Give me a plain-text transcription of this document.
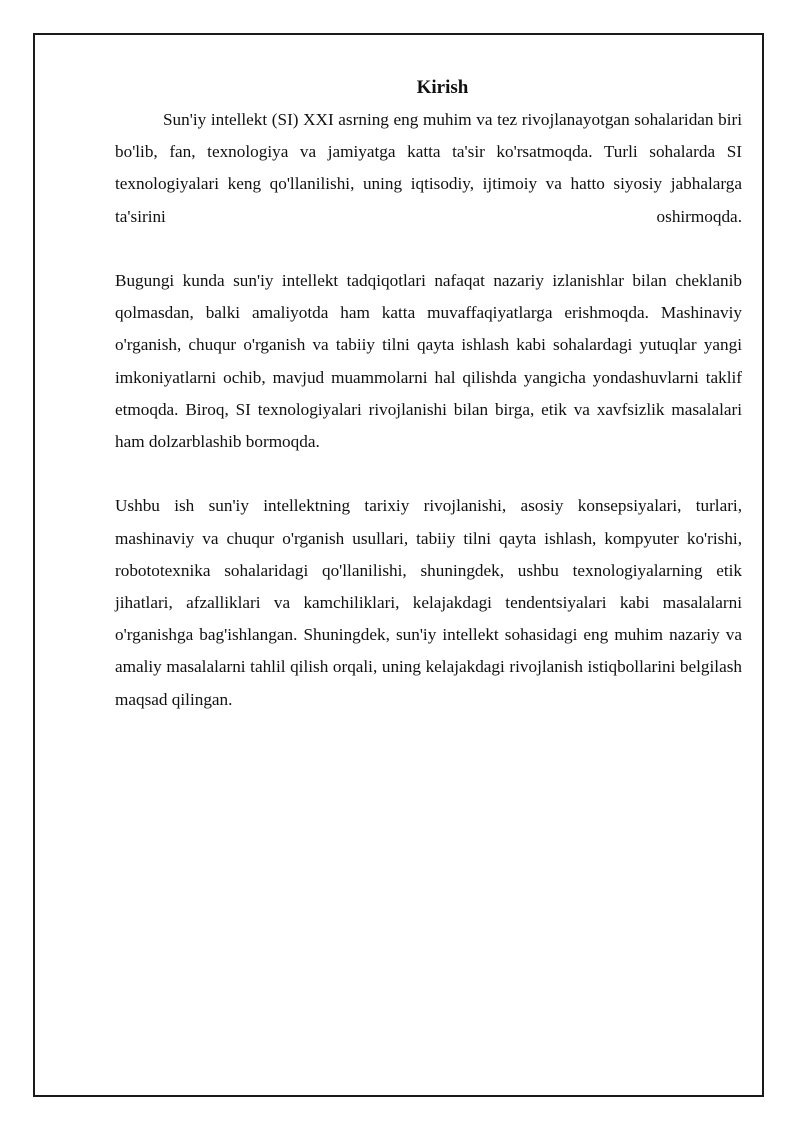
Kirish

Sun'iy intellekt (SI) XXI asrning eng muhim va tez rivojlanayotgan sohalaridan biri bo'lib, fan, texnologiya va jamiyatga katta ta'sir ko'rsatmoqda. Turli sohalarda SI texnologiyalari keng qo'llanilishi, uning iqtisodiy, ijtimoiy va hatto siyosiy jabhalarga ta'sirini oshirmoqda.

Bugungi kunda sun'iy intellekt tadqiqotlari nafaqat nazariy izlanishlar bilan cheklanib qolmasdan, balki amaliyotda ham katta muvaffaqiyatlarga erishmoqda. Mashinaviy o'rganish, chuqur o'rganish va tabiiy tilni qayta ishlash kabi sohalardagi yutuqlar yangi imkoniyatlarni ochib, mavjud muammolarni hal qilishda yangicha yondashuvlarni taklif etmoqda. Biroq, SI texnologiyalari rivojlanishi bilan birga, etik va xavfsizlik masalalari ham dolzarblashib bormoqda.

Ushbu ish sun'iy intellektning tarixiy rivojlanishi, asosiy konsepsiyalari, turlari, mashinaviy va chuqur o'rganish usullari, tabiiy tilni qayta ishlash, kompyuter ko'rishi, robototexnika sohalaridagi qo'llanilishi, shuningdek, ushbu texnologiyalarning etik jihatlari, afzalliklari va kamchiliklari, kelajakdagi tendentsiyalari kabi masalalarni o'rganishga bag'ishlangan. Shuningdek, sun'iy intellekt sohasidagi eng muhim nazariy va amaliy masalalarni tahlil qilish orqali, uning kelajakdagi rivojlanish istiqbollarini belgilash maqsad qilingan.
